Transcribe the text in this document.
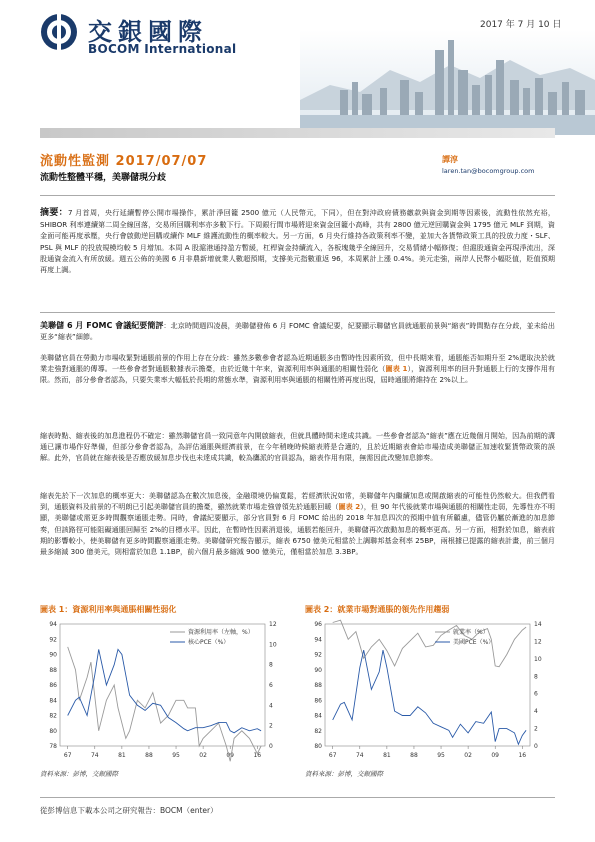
交銀國際
BOCOM International
2017 年 7 月 10 日
流動性監測 2017/07/07
流動性整體平穩，美聯儲現分歧
譚淳
laren.tan@bocomgroup.com
摘要：7 月首周，央行延續暫停公開市場操作，累計淨回籠 2500 億元（人民幣元，下同），但在對沖政府債務繳款與資金到期等因素後，流動性依然充裕，SHIBOR 利率連續第二周全線回落，交易所回購利率亦多數下行。下周銀行間市場將迎來資金回籠小高峰，共有 2800 億元逆回購資金與 1795 億元 MLF 到期，資金面可能再度承壓，央行會啟動逆回購或續作 MLF 維護流動性的概率較大。另一方面，6 月央行維持各政策利率不變，並加大各貨幣政策工具的投放力度・SLF、PSL 與 MLF 的投放規模均較 5 月增加。本周 A 股滬港通持盈方暫緩，杠桿資金持續流入，各板塊幾乎全線回升，交易情緒小幅修復；但滬股通資金再現淨流出，深股通資金流入有所放緩。週五公佈的美國 6 月非農新增就業人數超預期，支撐美元指數重返 96，本周累計上漲 0.4%。美元走強，兩岸人民幣小幅貶值，貶值預期再度上調。
美聯儲 6 月 FOMC 會議紀要簡評：北京時間週四凌晨，美聯儲發佈 6 月 FOMC 會議紀要，紀要顯示聯儲官員就通脹前景與“縮表”時間點存在分歧，並未給出更多“縮表”細節。
美聯儲官員在勞動力市場收緊對通脹前景的作用上存在分歧：雖然多數參會者認為近期通脹多由暫時性因素所致，但中長期來看，通脹能否如期升至 2%還取決於就業走強對通脹的傳導。一些參會者對通脹數據表示擔憂，由於近幾十年來，資源利用率與通脹的相關性弱化（圖表 1），資源利用率的回升對通脹上行的支撐作用有限。然而，部分參會者認為，只要失業率大幅低於長期的常態水準，資源利用率與通脹的相關性將再度出現，屆時通脹將維持在 2%以上。
縮表時點、縮表後的加息進程仍不確定：雖然聯儲官員一致同意年內開啟縮表，但就具體時間未達成共識。一些參會者認為“縮表”應在近幾個月開始，因為前期的溝通已讓市場作好準備，但部分參會者認為，為評估通脹與經濟前景，在今年稍晚時候縮表將是合適的，且於近期縮表會給市場造成美聯儲正加速收緊貨幣政策的誤解。此外，官員就在縮表後是否應放緩加息步伐也未達成共識，較為鷹派的官員認為，縮表作用有限，無需因此改變加息節奏。
縮表先於下一次加息的概率更大：美聯儲認為在數次加息後，金融環境仍偏寬鬆，若經濟狀況如常，美聯儲年內繼續加息或開啟縮表的可能性仍然較大。但我們看到，通脹資料及前景的不明朗已引起美聯儲官員的擔憂，雖然就業市場走強曾領先於通脹回暖（圖表 2），但 90 年代後就業市場與通脹的相關性走弱，先導性亦不明顯，美聯儲或需更多時間觀察通脹走勢。同時，會議紀要顯示，部分官員對 6 月 FOMC 給出的 2018 年加息四次的預期中值有所顧慮，儘管仍屬於漸進的加息節奏，但該路徑可能阻礙通脹回歸至 2%的目標水平。因此，在暫時性因素消退後，通脹若能回升，美聯儲再次啟動加息的概率更高。另一方面，相對於加息，縮表前期的影響較小，使美聯儲有更多時間觀察通脹走勢。美聯儲研究報告顯示，縮表 6750 億美元相當於上調聯邦基金利率 25BP，兩根據已提露的縮表計畫，前三個月最多縮減 300 億美元，則相當於加息 1.1BP，前六個月最多縮減 900 億美元，僅相當於加息 3.3BP。
圖表 1：資源利用率與通脹相關性弱化	圖表 2：就業市場對通脹的領先作用趨弱
78
80
82
84
86
88
90
92
94
0
2
4
6
8
10
12
67	74	81	88	95	02	09	16
資源利用率（左軸，%）
核心PCE（%）
80
82
84
86
88
90
92
94
96
0
2
4
6
8
10
12
14
67	74	81	88	95	02	09	16
就業率（%）
美國PCE（%）
資料來源：彭博，交銀國際	資料來源：彭博，交銀國際
從彭博信息下載本公司之研究報告：BOCM（enter）
